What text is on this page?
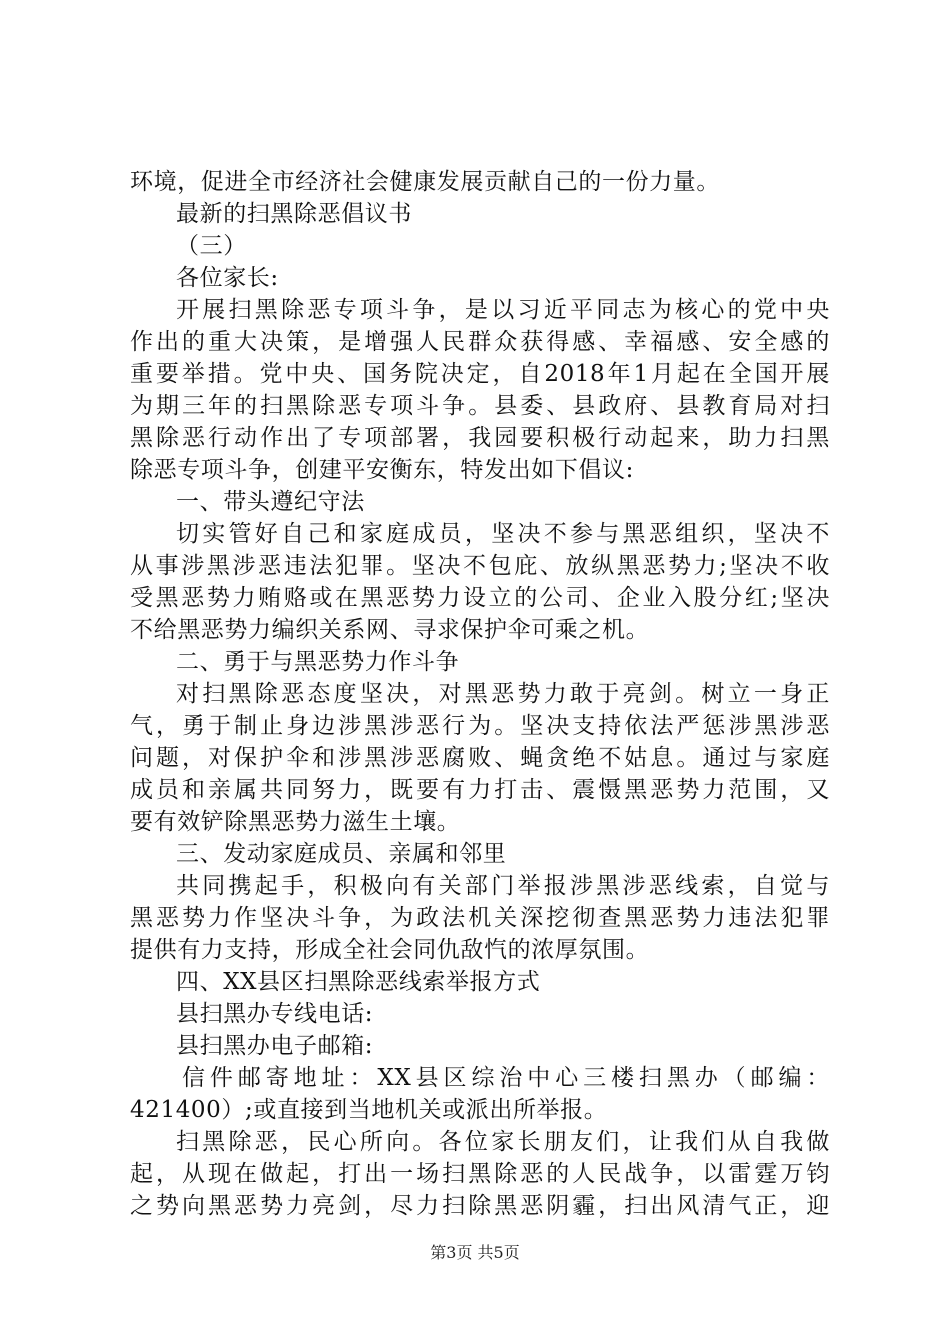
环境，促进全市经济社会健康发展贡献自己的一份力量。
最新的扫黑除恶倡议书
（三）
各位家长:
开展扫黑除恶专项斗争，是以习近平同志为核心的党中央
作出的重大决策，是增强人民群众获得感、幸福感、安全感的
重要举措。党中央、国务院决定，自2018年1月起在全国开展
为期三年的扫黑除恶专项斗争。县委、县政府、县教育局对扫
黑除恶行动作出了专项部署，我园要积极行动起来，助力扫黑
除恶专项斗争，创建平安衡东，特发出如下倡议:
一、带头遵纪守法
切实管好自己和家庭成员，坚决不参与黑恶组织，坚决不
从事涉黑涉恶违法犯罪。坚决不包庇、放纵黑恶势力;坚决不收
受黑恶势力贿赂或在黑恶势力设立的公司、企业入股分红;坚决
不给黑恶势力编织关系网、寻求保护伞可乘之机。
二、勇于与黑恶势力作斗争
对扫黑除恶态度坚决，对黑恶势力敢于亮剑。树立一身正
气，勇于制止身边涉黑涉恶行为。坚决支持依法严惩涉黑涉恶
问题，对保护伞和涉黑涉恶腐败、蝇贪绝不姑息。通过与家庭
成员和亲属共同努力，既要有力打击、震慑黑恶势力范围，又
要有效铲除黑恶势力滋生土壤。
三、发动家庭成员、亲属和邻里
共同携起手，积极向有关部门举报涉黑涉恶线索，自觉与
黑恶势力作坚决斗争，为政法机关深挖彻查黑恶势力违法犯罪
提供有力支持，形成全社会同仇敌忾的浓厚氛围。
四、XX县区扫黑除恶线索举报方式
县扫黑办专线电话:
县扫黑办电子邮箱:
信件邮寄地址：XX县区综治中心三楼扫黑办（邮编：
421400）;或直接到当地机关或派出所举报。
扫黑除恶，民心所向。各位家长朋友们，让我们从自我做
起，从现在做起，打出一场扫黑除恶的人民战争，以雷霆万钧
之势向黑恶势力亮剑，尽力扫除黑恶阴霾，扫出风清气正，迎
第3页 共5页
